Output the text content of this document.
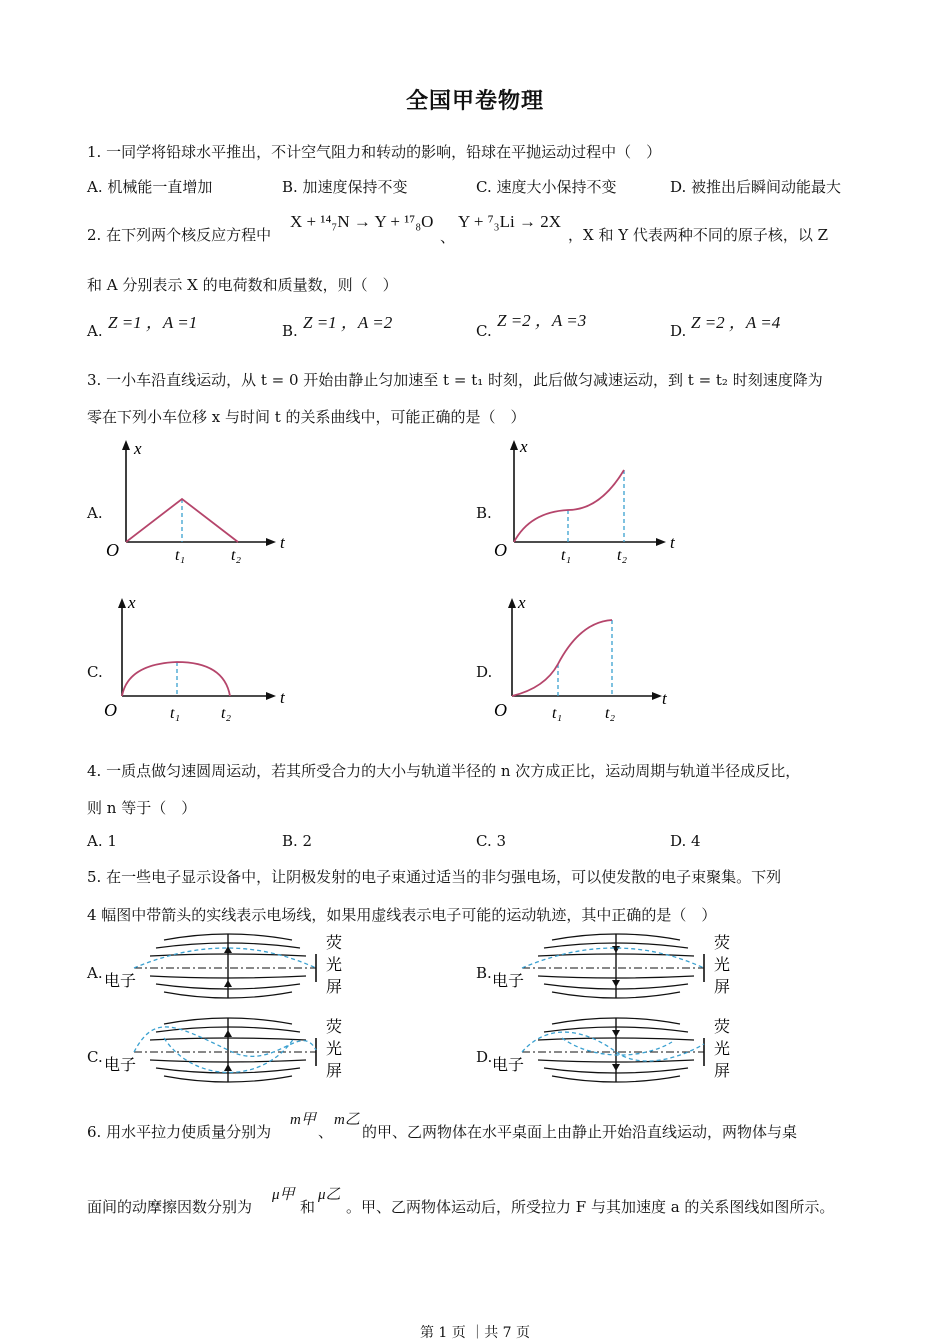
全国甲卷物理
1. 一同学将铅球水平推出，不计空气阻力和转动的影响，铅球在平抛运动过程中（　）
A. 机械能一直增加	B. 加速度保持不变	C. 速度大小保持不变	D. 被推出后瞬间动能最大
2. 在下列两个核反应方程中
X + ¹⁴₇N → Y + ¹⁷₈O
、
Y + ⁷₃Li → 2X
，X 和 Y 代表两种不同的原子核，以 Z
和 A 分别表示 X 的电荷数和质量数，则（　）
A. Z =1 ，A =1	B. Z =1 ，A =2	C.
Z =2 ，A =3
D. Z =2 ，A =4
3. 一小车沿直线运动，从 t = 0 开始由静止匀加速至 t = t₁ 时刻，此后做匀减速运动，到 t = t₂ 时刻速度降为
零在下列小车位移 x 与时间 t 的关系曲线中，可能正确的是（　）
A.	B.
C.	D.
x
t
O	t₁	t₂
x
t
O	t₁	t₂
x
t
O	t₁	t₂
x
t
O	t₁	t₂
4. 一质点做匀速圆周运动，若其所受合力的大小与轨道半径的 n 次方成正比，运动周期与轨道半径成反比，
则 n 等于（　）
A. 1	B. 2	C. 3	D. 4
5. 在一些电子显示设备中，让阴极发射的电子束通过适当的非匀强电场，可以使发散的电子束聚集。下列
4 幅图中带箭头的实线表示电场线，如果用虚线表示电子可能的运动轨迹，其中正确的是（　）
A.	B.
C.	D.
电子
荧
光
屏	电子
荧
光
屏
电子
荧
光
屏	电子
荧
光
屏
6. 用水平拉力使质量分别为
m甲
、
m乙
的甲、乙两物体在水平桌面上由静止开始沿直线运动，两物体与桌
面间的动摩擦因数分别为
μ甲
和
μ乙
。甲、乙两物体运动后，所受拉力 F 与其加速度 a 的关系图线如图所示。
第 1 页 ｜共 7 页
